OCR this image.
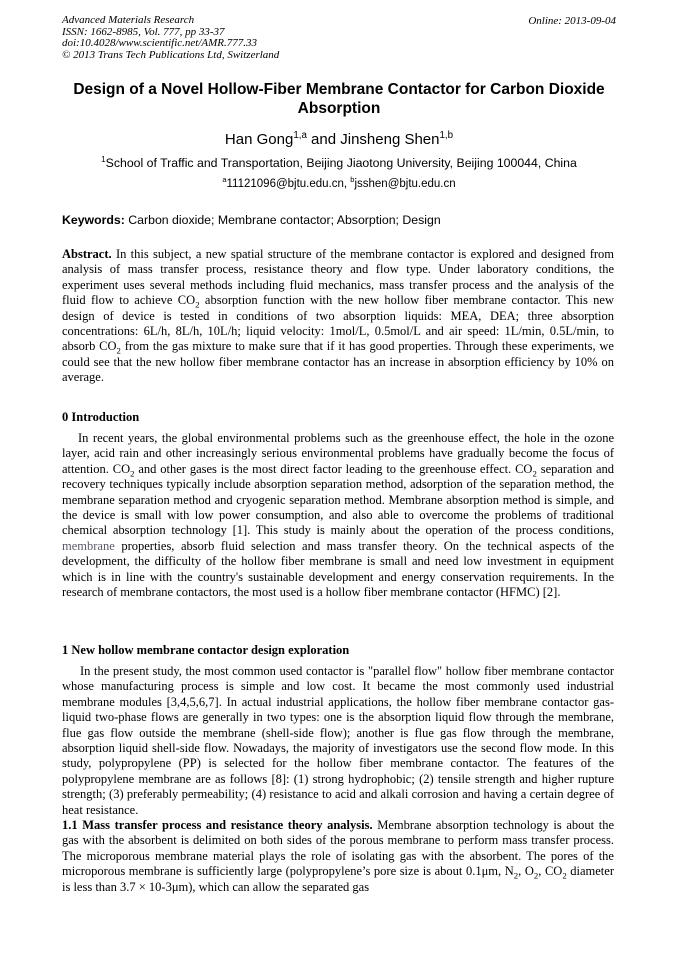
Advanced Materials Research
ISSN: 1662-8985, Vol. 777, pp 33-37
doi:10.4028/www.scientific.net/AMR.777.33
© 2013 Trans Tech Publications Ltd, Switzerland
Online: 2013-09-04
Design of a Novel Hollow-Fiber Membrane Contactor for Carbon Dioxide Absorption
Han Gong$^{1,a}$ and Jinsheng Shen$^{1,b}$
$^1$School of Traffic and Transportation, Beijing Jiaotong University, Beijing 100044, China
$^a$11121096@bjtu.edu.cn, $^b$jsshen@bjtu.edu.cn
Keywords: Carbon dioxide; Membrane contactor; Absorption; Design
Abstract. In this subject, a new spatial structure of the membrane contactor is explored and designed from analysis of mass transfer process, resistance theory and flow type. Under laboratory conditions, the experiment uses several methods including fluid mechanics, mass transfer process and the analysis of the fluid flow to achieve $CO_2$ absorption function with the new hollow fiber membrane contactor. This new design of device is tested in conditions of two absorption liquids: MEA, DEA; three absorption concentrations: 6L/h, 8L/h, 10L/h; liquid velocity: 1mol/L, 0.5mol/L and air speed: 1L/min, 0.5L/min, to absorb $CO_2$ from the gas mixture to make sure that if it has good properties. Through these experiments, we could see that the new hollow fiber membrane contactor has an increase in absorption efficiency by 10% on average.
0 Introduction
In recent years, the global environmental problems such as the greenhouse effect, the hole in the ozone layer, acid rain and other increasingly serious environmental problems have gradually become the focus of attention. $CO_2$ and other gases is the most direct factor leading to the greenhouse effect. $CO_2$ separation and recovery techniques typically include absorption separation method, adsorption of the separation method, the membrane separation method and cryogenic separation method. Membrane absorption method is simple, and the device is small with low power consumption, and also able to overcome the problems of traditional chemical absorption technology [1]. This study is mainly about the operation of the process conditions, membrane properties, absorb fluid selection and mass transfer theory. On the technical aspects of the development, the difficulty of the hollow fiber membrane is small and need low investment in equipment which is in line with the country's sustainable development and energy conservation requirements. In the research of membrane contactors, the most used is a hollow fiber membrane contactor (HFMC) [2].
1 New hollow membrane contactor design exploration
In the present study, the most common used contactor is "parallel flow" hollow fiber membrane contactor whose manufacturing process is simple and low cost. It became the most commonly used industrial membrane modules [3,4,5,6,7]. In actual industrial applications, the hollow fiber membrane contactor gas-liquid two-phase flows are generally in two types: one is the absorption liquid flow through the membrane, flue gas flow outside the membrane (shell-side flow); another is flue gas flow through the membrane, absorption liquid shell-side flow. Nowadays, the majority of investigators use the second flow mode. In this study, polypropylene (PP) is selected for the hollow fiber membrane contactor. The features of the polypropylene membrane are as follows [8]: (1) strong hydrophobic; (2) tensile strength and higher rupture strength; (3) preferably permeability; (4) resistance to acid and alkali corrosion and having a certain degree of heat resistance.
1.1 Mass transfer process and resistance theory analysis. Membrane absorption technology is about the gas with the absorbent is delimited on both sides of the porous membrane to perform mass transfer process. The microporous membrane material plays the role of isolating gas with the absorbent. The pores of the microporous membrane is sufficiently large (polypropylene’s pore size is about 0.1μm, $N_2$, $O_2$, $CO_2$ diameter is less than 3.7 × 10-3μm), which can allow the separated gas
